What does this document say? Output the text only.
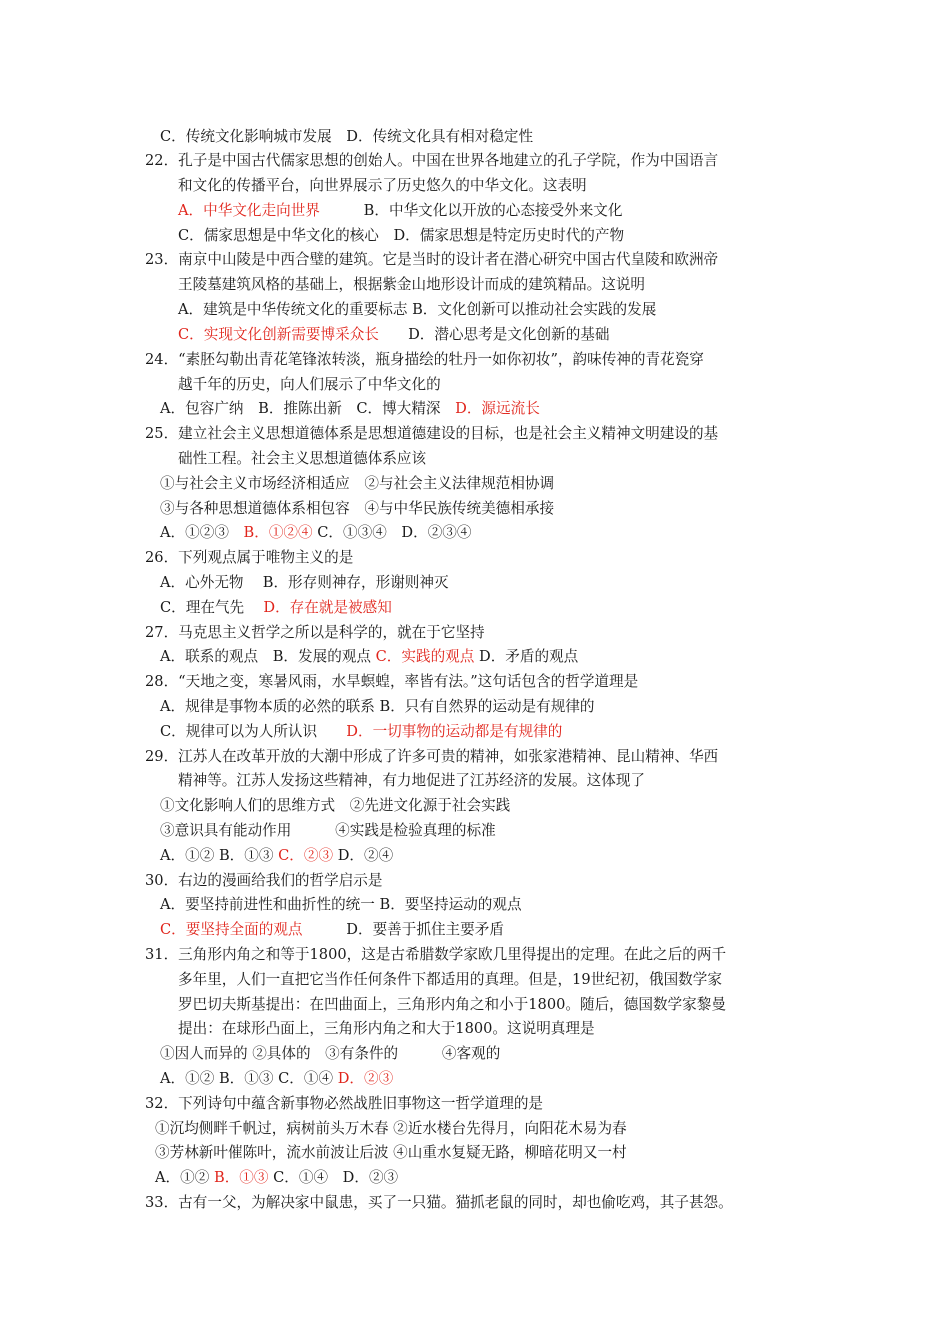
C．传统文化影响城市发展　D．传统文化具有相对稳定性
22．孔子是中国古代儒家思想的创始人。中国在世界各地建立的孔子学院，作为中国语言
和文化的传播平台，向世界展示了历史悠久的中华文化。这表明
A．中华文化走向世界　　　B．中华文化以开放的心态接受外来文化
C．儒家思想是中华文化的核心　D．儒家思想是特定历史时代的产物
23．南京中山陵是中西合璧的建筑。它是当时的设计者在潜心研究中国古代皇陵和欧洲帝
王陵墓建筑风格的基础上，根据紫金山地形设计而成的建筑精品。这说明
A．建筑是中华传统文化的重要标志 B．文化创新可以推动社会实践的发展
C．实现文化创新需要博采众长　　D．潜心思考是文化创新的基础
24．“素胚勾勒出青花笔锋浓转淡，瓶身描绘的牡丹一如你初妆”，韵味传神的青花瓷穿
越千年的历史，向人们展示了中华文化的
A．包容广纳　B．推陈出新　C．博大精深　D．源远流长
25．建立社会主义思想道德体系是思想道德建设的目标，也是社会主义精神文明建设的基
础性工程。社会主义思想道德体系应该
①与社会主义市场经济相适应　②与社会主义法律规范相协调
③与各种思想道德体系相包容　④与中华民族传统美德相承接
A．①②③　B．①②④ C．①③④　D．②③④
26．下列观点属于唯物主义的是
A．心外无物　 B．形存则神存，形谢则神灭
C．理在气先　 D．存在就是被感知
27．马克思主义哲学之所以是科学的，就在于它坚持
A．联系的观点　B．发展的观点 C．实践的观点 D．矛盾的观点
28．“天地之变，寒暑风雨，水旱螟蝗，率皆有法。”这句话包含的哲学道理是
A．规律是事物本质的必然的联系 B．只有自然界的运动是有规律的
C．规律可以为人所认识　　D．一切事物的运动都是有规律的
29．江苏人在改革开放的大潮中形成了许多可贵的精神，如张家港精神、昆山精神、华西
精神等。江苏人发扬这些精神，有力地促进了江苏经济的发展。这体现了
①文化影响人们的思维方式　②先进文化源于社会实践
③意识具有能动作用　　　④实践是检验真理的标准
A．①② B．①③ C．②③ D．②④
30．右边的漫画给我们的哲学启示是
A．要坚持前进性和曲折性的统一 B．要坚持运动的观点
C．要坚持全面的观点　　　D．要善于抓住主要矛盾
31．三角形内角之和等于1800，这是古希腊数学家欧几里得提出的定理。在此之后的两千
多年里，人们一直把它当作任何条件下都适用的真理。但是，19世纪初，俄国数学家
罗巴切夫斯基提出：在凹曲面上，三角形内角之和小于1800。随后，德国数学家黎曼
提出：在球形凸面上，三角形内角之和大于1800。这说明真理是
①因人而异的 ②具体的　③有条件的　　　④客观的
A．①② B．①③ C．①④ D．②③
32．下列诗句中蕴含新事物必然战胜旧事物这一哲学道理的是
①沉均侧畔千帆过，病树前头万木春 ②近水楼台先得月，向阳花木易为春
③芳林新叶催陈叶，流水前波让后波 ④山重水复疑无路，柳暗花明又一村
A．①② B．①③ C．①④　D．②③
33．古有一父，为解决家中鼠患，买了一只猫。猫抓老鼠的同时，却也偷吃鸡，其子甚怨。
